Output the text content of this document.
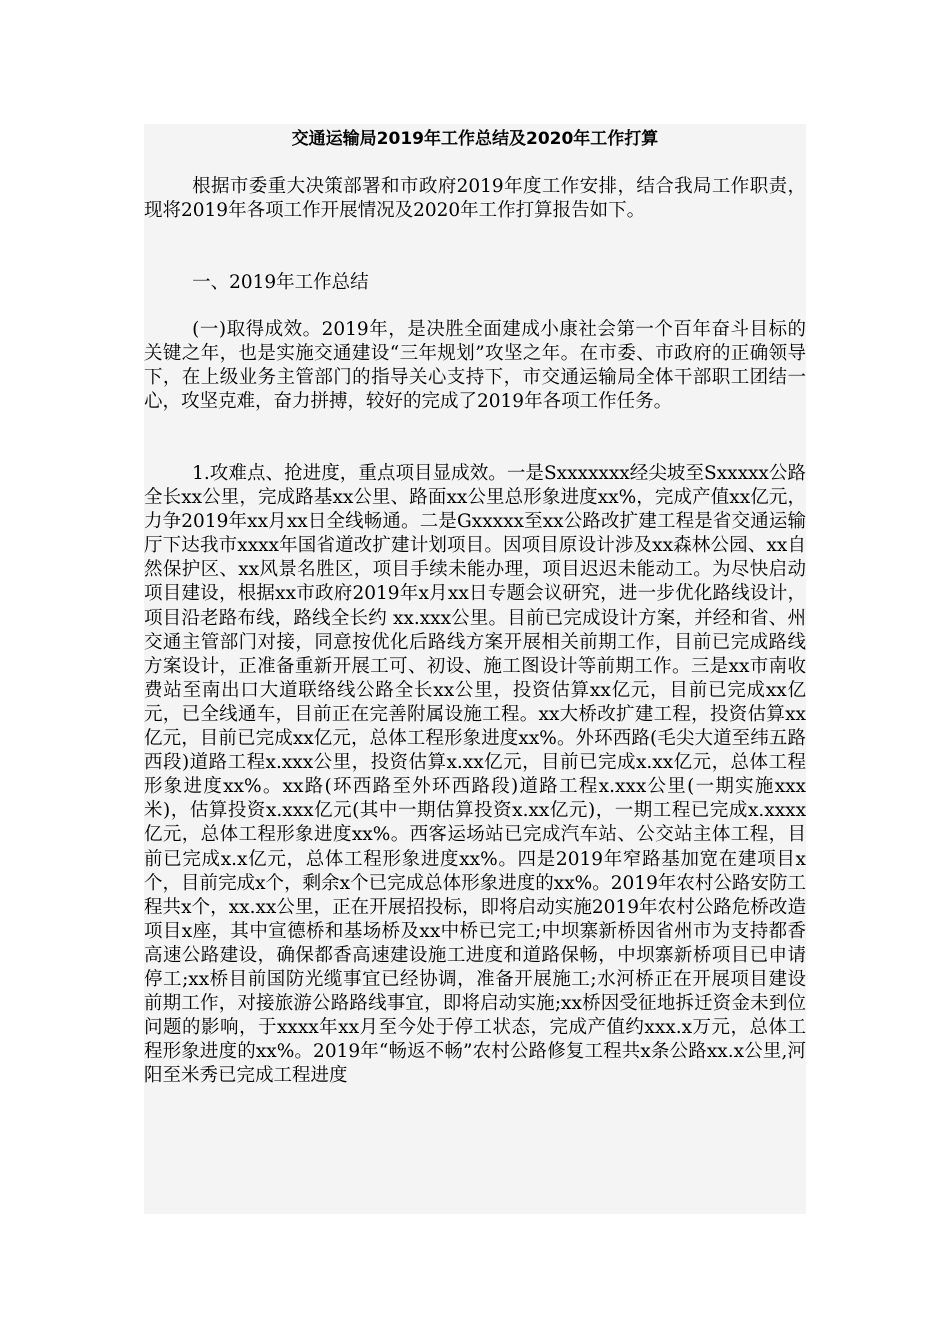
交通运输局2019年工作总结及2020年工作打算

根据市委重大决策部署和市政府2019年度工作安排，结合我局工作职责，现将2019年各项工作开展情况及2020年工作打算报告如下。

一、2019年工作总结

(一)取得成效。2019年，是决胜全面建成小康社会第一个百年奋斗目标的关键之年，也是实施交通建设“三年规划”攻坚之年。在市委、市政府的正确领导下，在上级业务主管部门的指导关心支持下，市交通运输局全体干部职工团结一心，攻坚克难，奋力拼搏，较好的完成了2019年各项工作任务。

1.攻难点、抢进度，重点项目显成效。一是Sxxxxxxx经尖坡至Sxxxxx公路全长xx公里，完成路基xx公里、路面xx公里总形象进度xx%，完成产值xx亿元，力争2019年xx月xx日全线畅通。二是Gxxxxx至xx公路改扩建工程是省交通运输厅下达我市xxxx年国省道改扩建计划项目。因项目原设计涉及xx森林公园、xx自然保护区、xx风景名胜区，项目手续未能办理，项目迟迟未能动工。为尽快启动项目建设，根据xx市政府2019年x月xx日专题会议研究，进一步优化路线设计，项目沿老路布线，路线全长约 xx.xxx公里。目前已完成设计方案，并经和省、州交通主管部门对接，同意按优化后路线方案开展相关前期工作，目前已完成路线方案设计，正准备重新开展工可、初设、施工图设计等前期工作。三是xx市南收费站至南出口大道联络线公路全长xx公里，投资估算xx亿元，目前已完成xx亿元，已全线通车，目前正在完善附属设施工程。xx大桥改扩建工程，投资估算xx亿元，目前已完成xx亿元，总体工程形象进度xx%。外环西路(毛尖大道至纬五路西段)道路工程x.xxx公里，投资估算x.xx亿元，目前已完成x.xx亿元，总体工程形象进度xx%。xx路(环西路至外环西路段)道路工程x.xxx公里(一期实施xxx米)，估算投资x.xxx亿元(其中一期估算投资x.xx亿元)，一期工程已完成x.xxxx亿元，总体工程形象进度xx%。西客运场站已完成汽车站、公交站主体工程，目前已完成x.x亿元，总体工程形象进度xx%。四是2019年窄路基加宽在建项目x个，目前完成x个，剩余x个已完成总体形象进度的xx%。2019年农村公路安防工程共x个，xx.xx公里，正在开展招投标，即将启动实施2019年农村公路危桥改造项目x座，其中宣德桥和基场桥及xx中桥已完工;中坝寨新桥因省州市为支持都香高速公路建设，确保都香高速建设施工进度和道路保畅，中坝寨新桥项目已申请停工;xx桥目前国防光缆事宜已经协调，准备开展施工;水河桥正在开展项目建设前期工作，对接旅游公路路线事宜，即将启动实施;xx桥因受征地拆迁资金未到位问题的影响，于xxxx年xx月至今处于停工状态，完成产值约xxx.x万元，总体工程形象进度的xx%。2019年“畅返不畅”农村公路修复工程共x条公路xx.x公里,河阳至米秀已完成工程进度
